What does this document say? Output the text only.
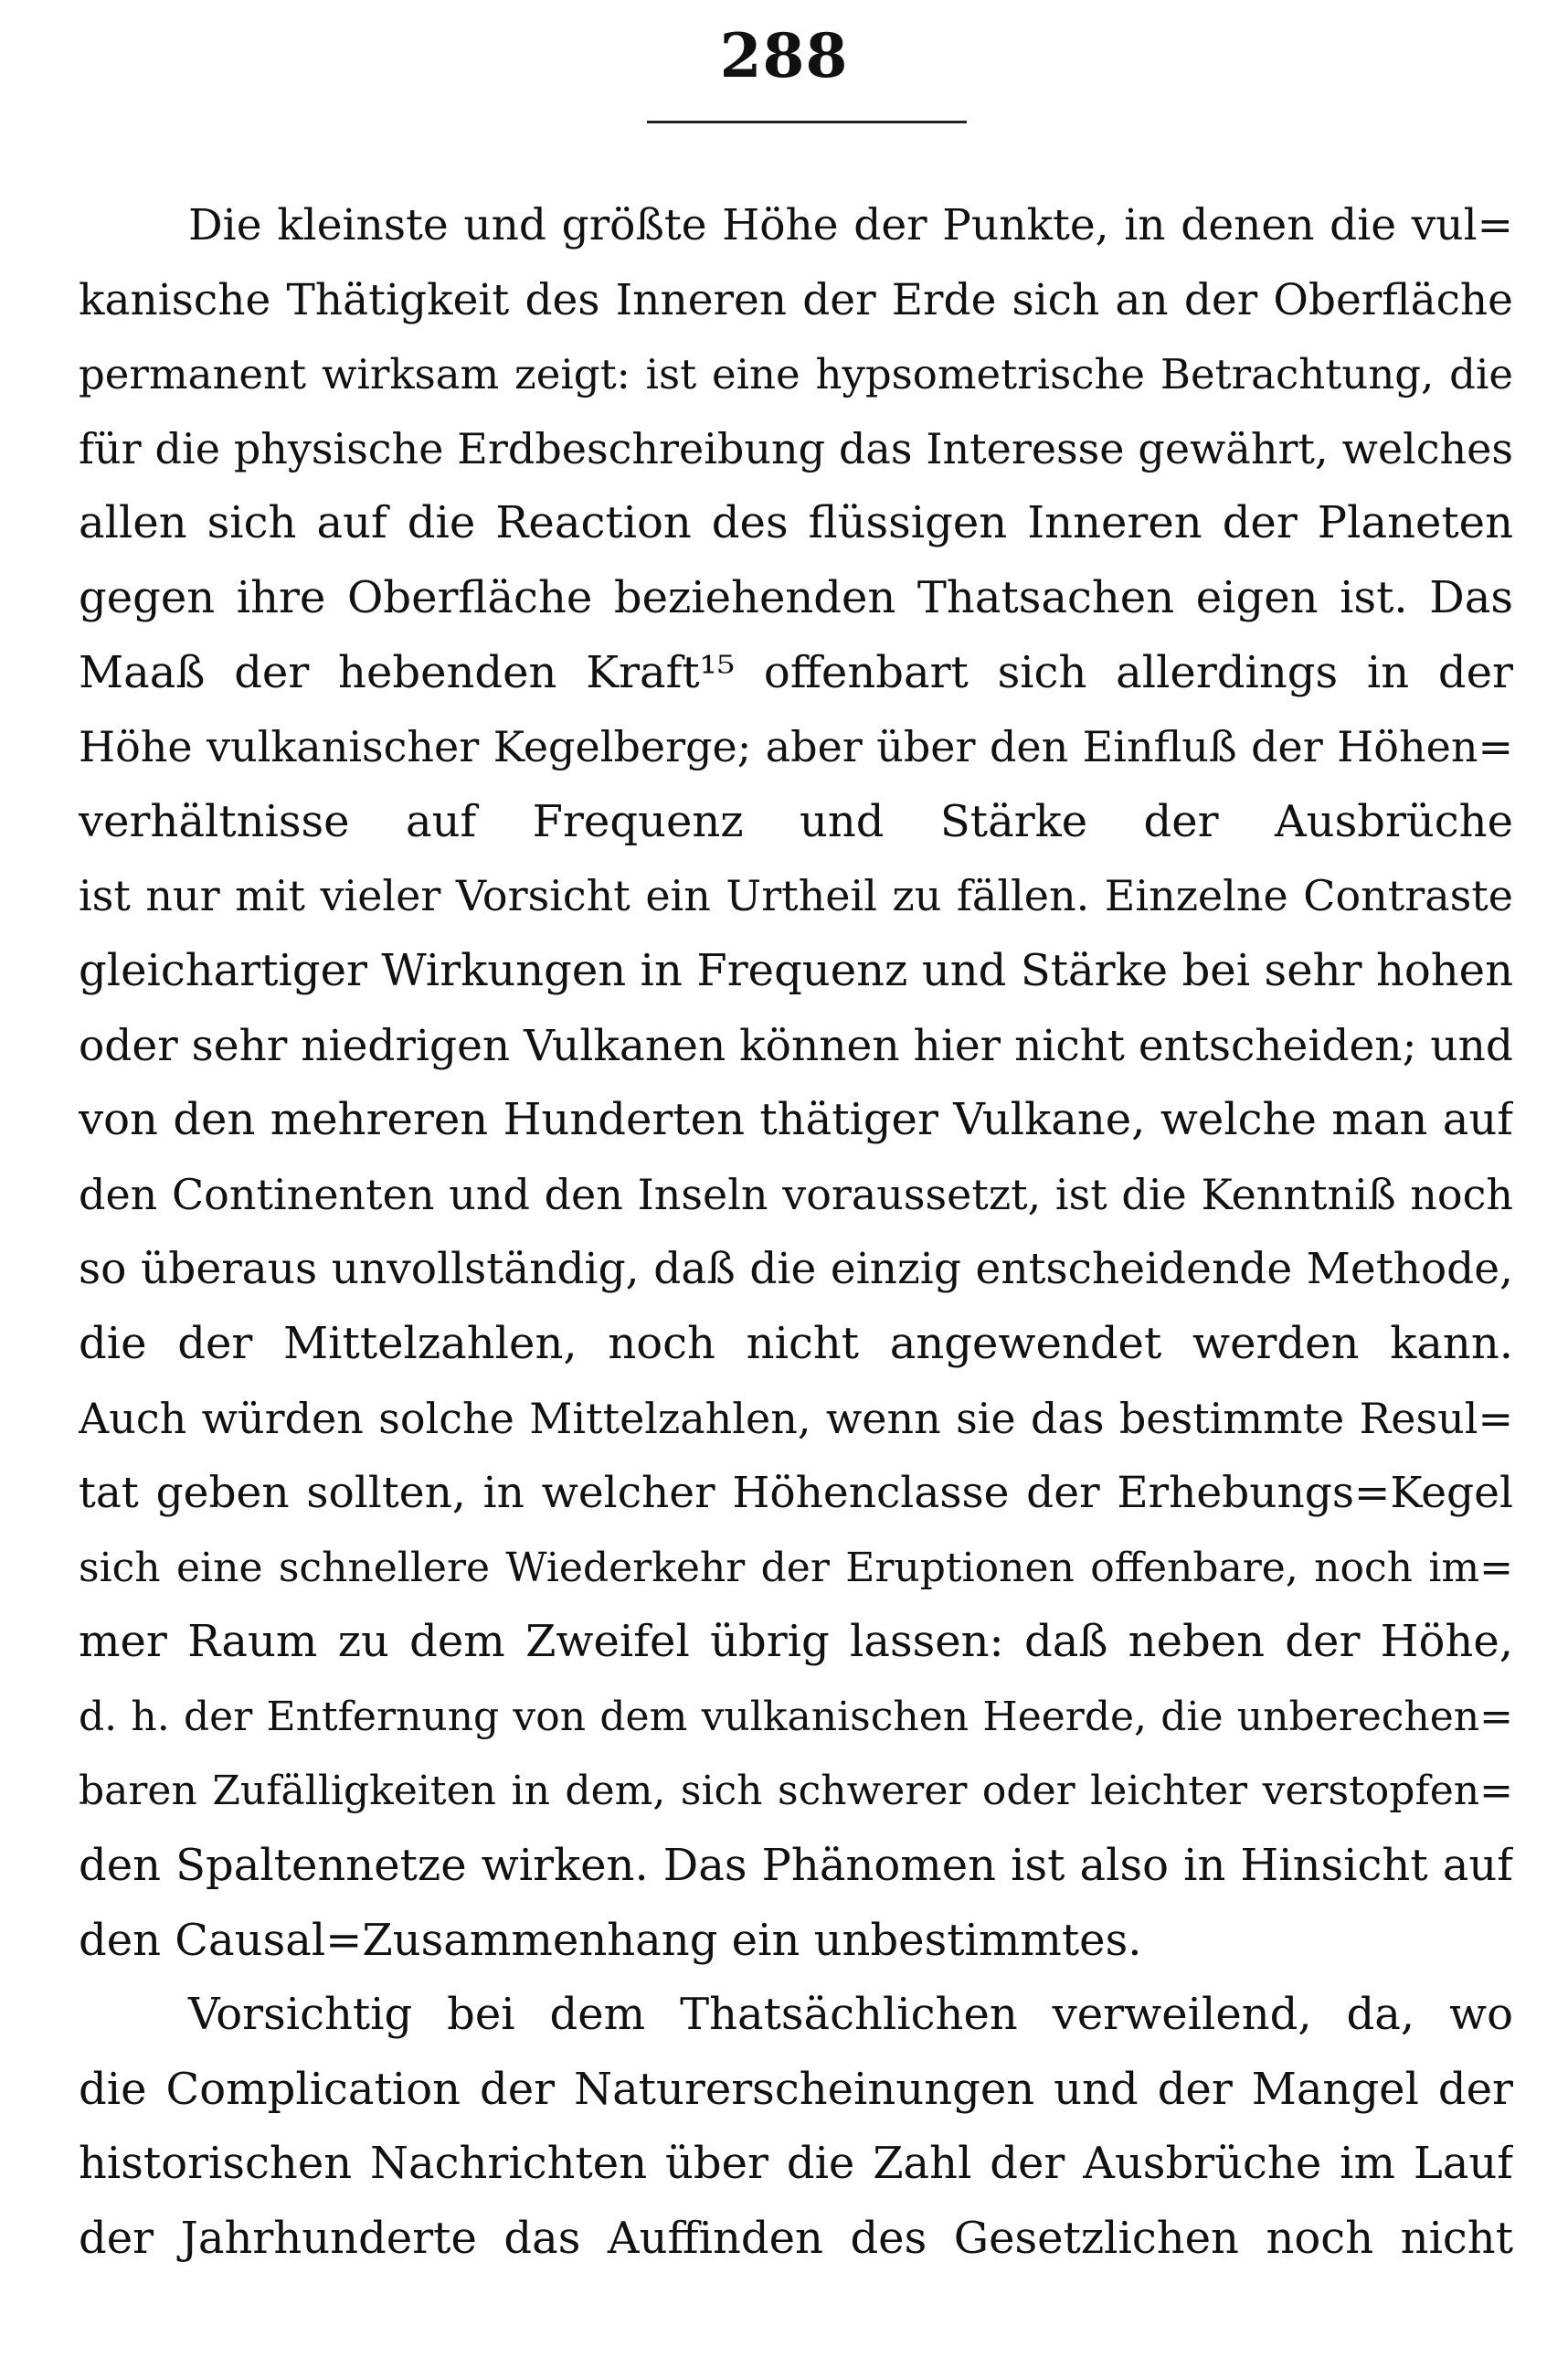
288
Die kleinste und größte Höhe der Punkte, in denen die vul=
kanische Thätigkeit des Inneren der Erde sich an der Oberfläche
permanent wirksam zeigt: ist eine hypsometrische Betrachtung, die
für die physische Erdbeschreibung das Interesse gewährt, welches
allen sich auf die Reaction des flüssigen Inneren der Planeten
gegen ihre Oberfläche beziehenden Thatsachen eigen ist. Das
Maaß der hebenden Kraft¹⁵ offenbart sich allerdings in der
Höhe vulkanischer Kegelberge; aber über den Einfluß der Höhen=
verhältnisse auf Frequenz und Stärke der Ausbrüche
ist nur mit vieler Vorsicht ein Urtheil zu fällen. Einzelne Contraste
gleichartiger Wirkungen in Frequenz und Stärke bei sehr hohen
oder sehr niedrigen Vulkanen können hier nicht entscheiden; und
von den mehreren Hunderten thätiger Vulkane, welche man auf
den Continenten und den Inseln voraussetzt, ist die Kenntniß noch
so überaus unvollständig, daß die einzig entscheidende Methode,
die der Mittelzahlen, noch nicht angewendet werden kann.
Auch würden solche Mittelzahlen, wenn sie das bestimmte Resul=
tat geben sollten, in welcher Höhenclasse der Erhebungs=Kegel
sich eine schnellere Wiederkehr der Eruptionen offenbare, noch im=
mer Raum zu dem Zweifel übrig lassen: daß neben der Höhe,
d. h. der Entfernung von dem vulkanischen Heerde, die unberechen=
baren Zufälligkeiten in dem, sich schwerer oder leichter verstopfen=
den Spaltennetze wirken. Das Phänomen ist also in Hinsicht auf
den Causal=Zusammenhang ein unbestimmtes.
Vorsichtig bei dem Thatsächlichen verweilend, da, wo
die Complication der Naturerscheinungen und der Mangel der
historischen Nachrichten über die Zahl der Ausbrüche im Lauf
der Jahrhunderte das Auffinden des Gesetzlichen noch nicht
